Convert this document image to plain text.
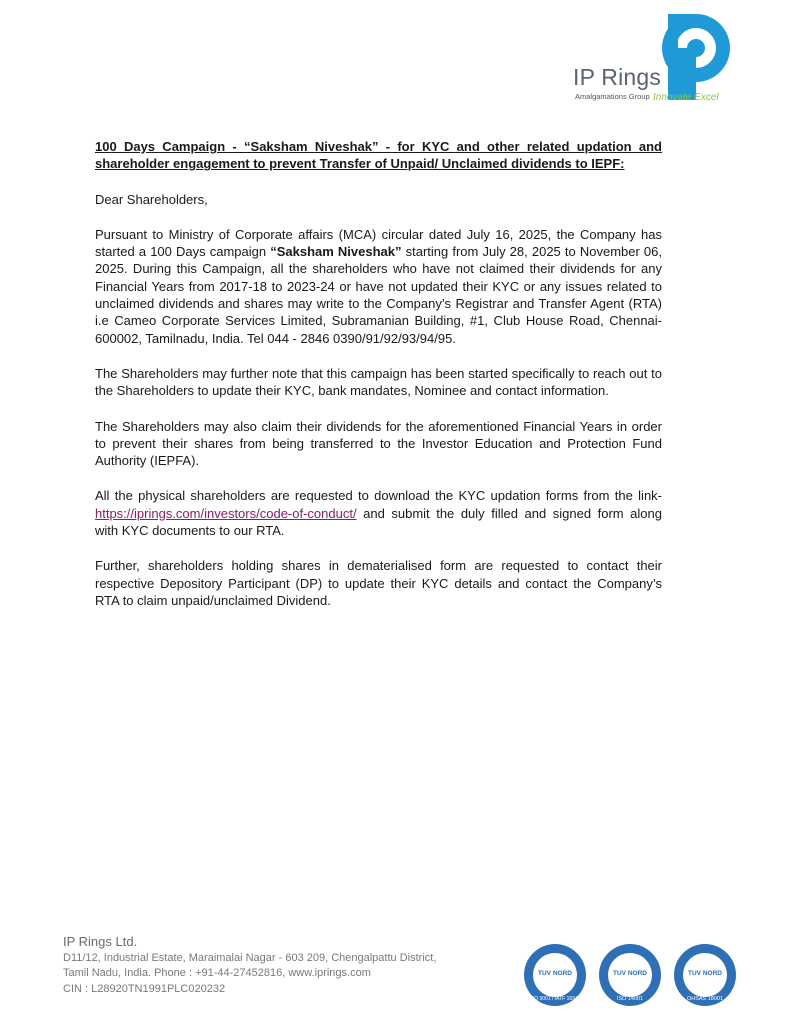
IP Rings
Amalgamations Group Innovate Excel

100 Days Campaign - “Saksham Niveshak” - for KYC and other related updation and shareholder engagement to prevent Transfer of Unpaid/ Unclaimed dividends to IEPF:

Dear Shareholders,

Pursuant to Ministry of Corporate affairs (MCA) circular dated July 16, 2025, the Company has started a 100 Days campaign “Saksham Niveshak” starting from July 28, 2025 to November 06, 2025. During this Campaign, all the shareholders who have not claimed their dividends for any Financial Years from 2017-18 to 2023-24 or have not updated their KYC or any issues related to unclaimed dividends and shares may write to the Company’s Registrar and Transfer Agent (RTA) i.e Cameo Corporate Services Limited, Subramanian Building, #1, Club House Road, Chennai- 600002, Tamilnadu, India. Tel 044 - 2846 0390/91/92/93/94/95.

The Shareholders may further note that this campaign has been started specifically to reach out to the Shareholders to update their KYC, bank mandates, Nominee and contact information.

The Shareholders may also claim their dividends for the aforementioned Financial Years in order to prevent their shares from being transferred to the Investor Education and Protection Fund Authority (IEPFA).

All the physical shareholders are requested to download the KYC updation forms from the link- https://iprings.com/investors/code-of-conduct/ and submit the duly filled and signed form along with KYC documents to our RTA.

Further, shareholders holding shares in dematerialised form are requested to contact their respective Depository Participant (DP) to update their KYC details and contact the Company’s RTA to claim unpaid/unclaimed Dividend.

IP Rings Ltd.
D11/12, Industrial Estate, Maraimalai Nagar - 603 209, Chengalpattu District,
Tamil Nadu, India. Phone : +91-44-27452816, www.iprings.com
CIN : L28920TN1991PLC020232
TUV NORD
ISO 9001 / IATF 16949
TUV NORD
ISO 14001
TUV NORD
OHSAS 18001
